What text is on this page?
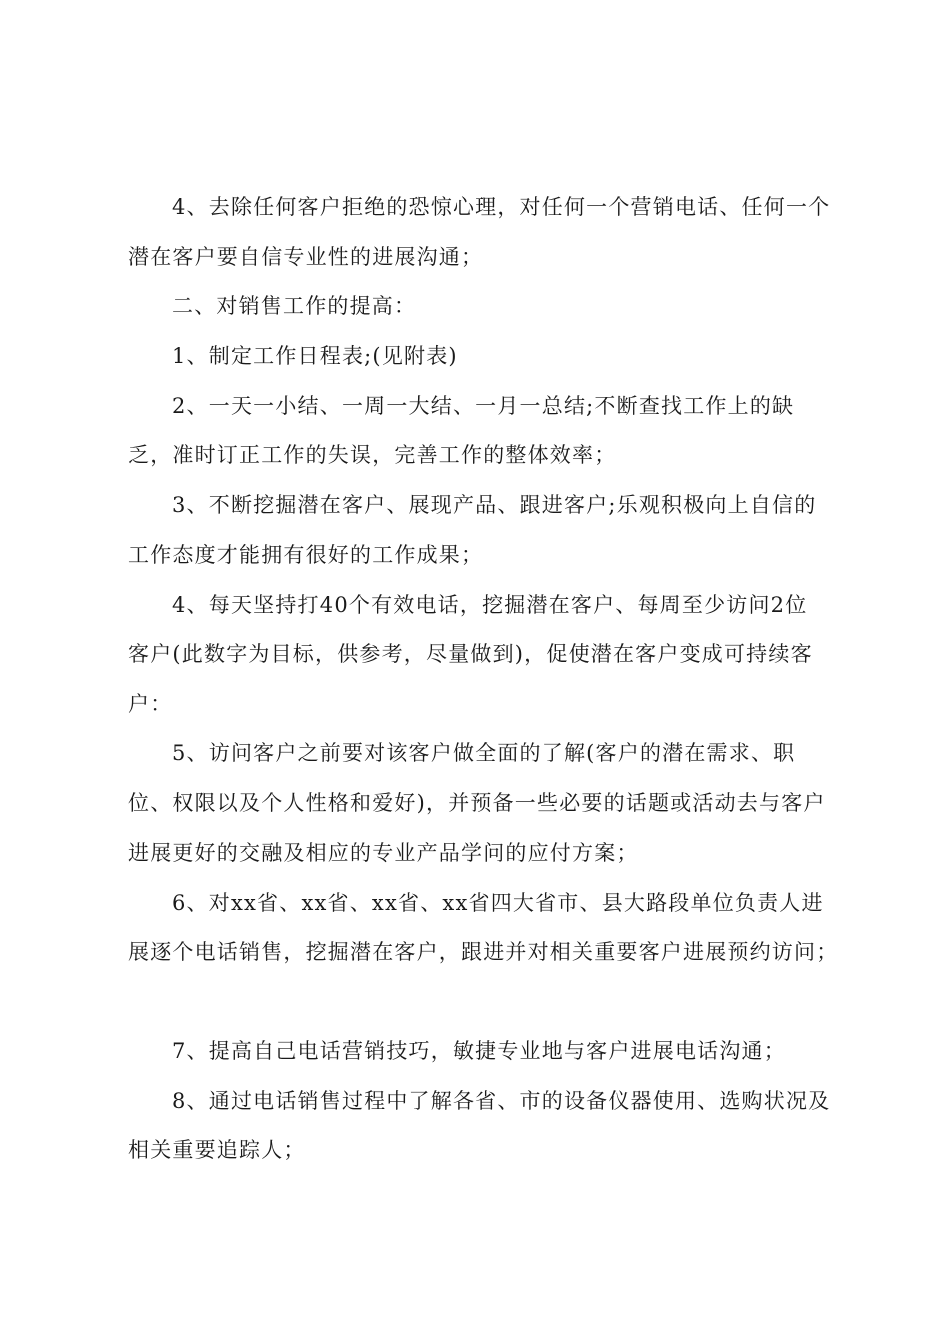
4、去除任何客户拒绝的恐惊心理，对任何一个营销电话、任何一个
潜在客户要自信专业性的进展沟通；
二、对销售工作的提高：
1、制定工作日程表;(见附表)
2、一天一小结、一周一大结、一月一总结;不断查找工作上的缺
乏，准时订正工作的失误，完善工作的整体效率；
3、不断挖掘潜在客户、展现产品、跟进客户;乐观积极向上自信的
工作态度才能拥有很好的工作成果；
4、每天坚持打40个有效电话，挖掘潜在客户、每周至少访问2位
客户(此数字为目标，供参考，尽量做到)，促使潜在客户变成可持续客
户：
5、访问客户之前要对该客户做全面的了解(客户的潜在需求、职
位、权限以及个人性格和爱好)，并预备一些必要的话题或活动去与客户
进展更好的交融及相应的专业产品学问的应付方案；
6、对xx省、xx省、xx省、xx省四大省市、县大路段单位负责人进
展逐个电话销售，挖掘潜在客户，跟进并对相关重要客户进展预约访问；
7、提高自己电话营销技巧，敏捷专业地与客户进展电话沟通；
8、通过电话销售过程中了解各省、市的设备仪器使用、选购状况及
相关重要追踪人；
